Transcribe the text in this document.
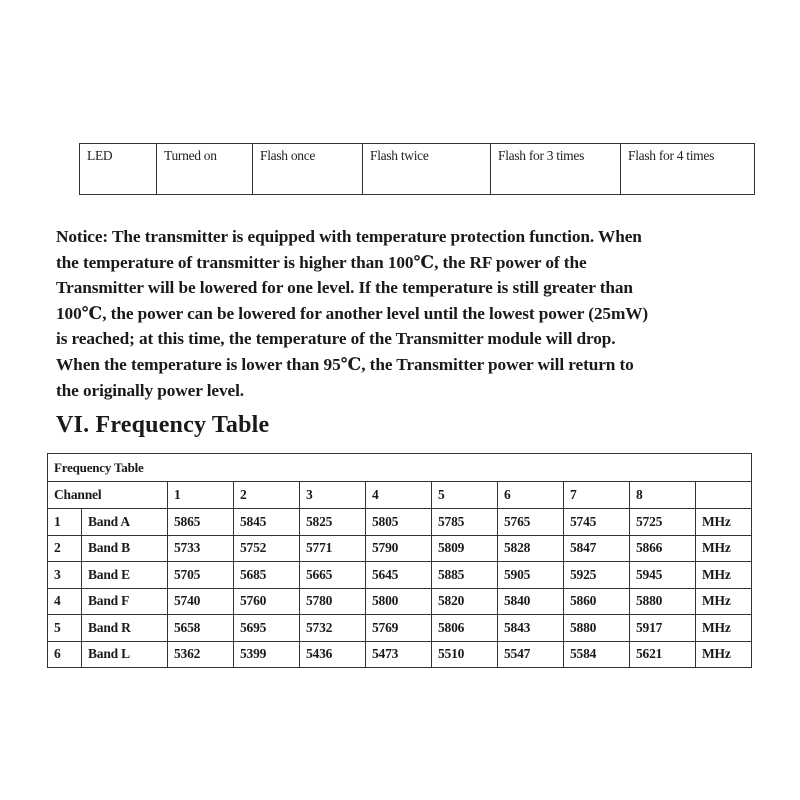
LED	Turned on	Flash once	Flash twice	Flash for 3 times	Flash for 4 times

Notice: The transmitter is equipped with temperature protection function. When

the temperature of transmitter is higher than 100℃, the RF power of the

Transmitter will be lowered for one level. If the temperature is still greater than

100℃, the power can be lowered for another level until the lowest power (25mW)

is reached; at this time, the temperature of the Transmitter module will drop.

When the temperature is lower than 95℃, the Transmitter power will return to

the originally power level.

VI. Frequency Table
Frequency Table										
Channel		1	2	3	4	5	6	7	8	
1	Band A	5865	5845	5825	5805	5785	5765	5745	5725	MHz
2	Band B	5733	5752	5771	5790	5809	5828	5847	5866	MHz
3	Band E	5705	5685	5665	5645	5885	5905	5925	5945	MHz
4	Band F	5740	5760	5780	5800	5820	5840	5860	5880	MHz
5	Band R	5658	5695	5732	5769	5806	5843	5880	5917	MHz
6	Band L	5362	5399	5436	5473	5510	5547	5584	5621	MHz
